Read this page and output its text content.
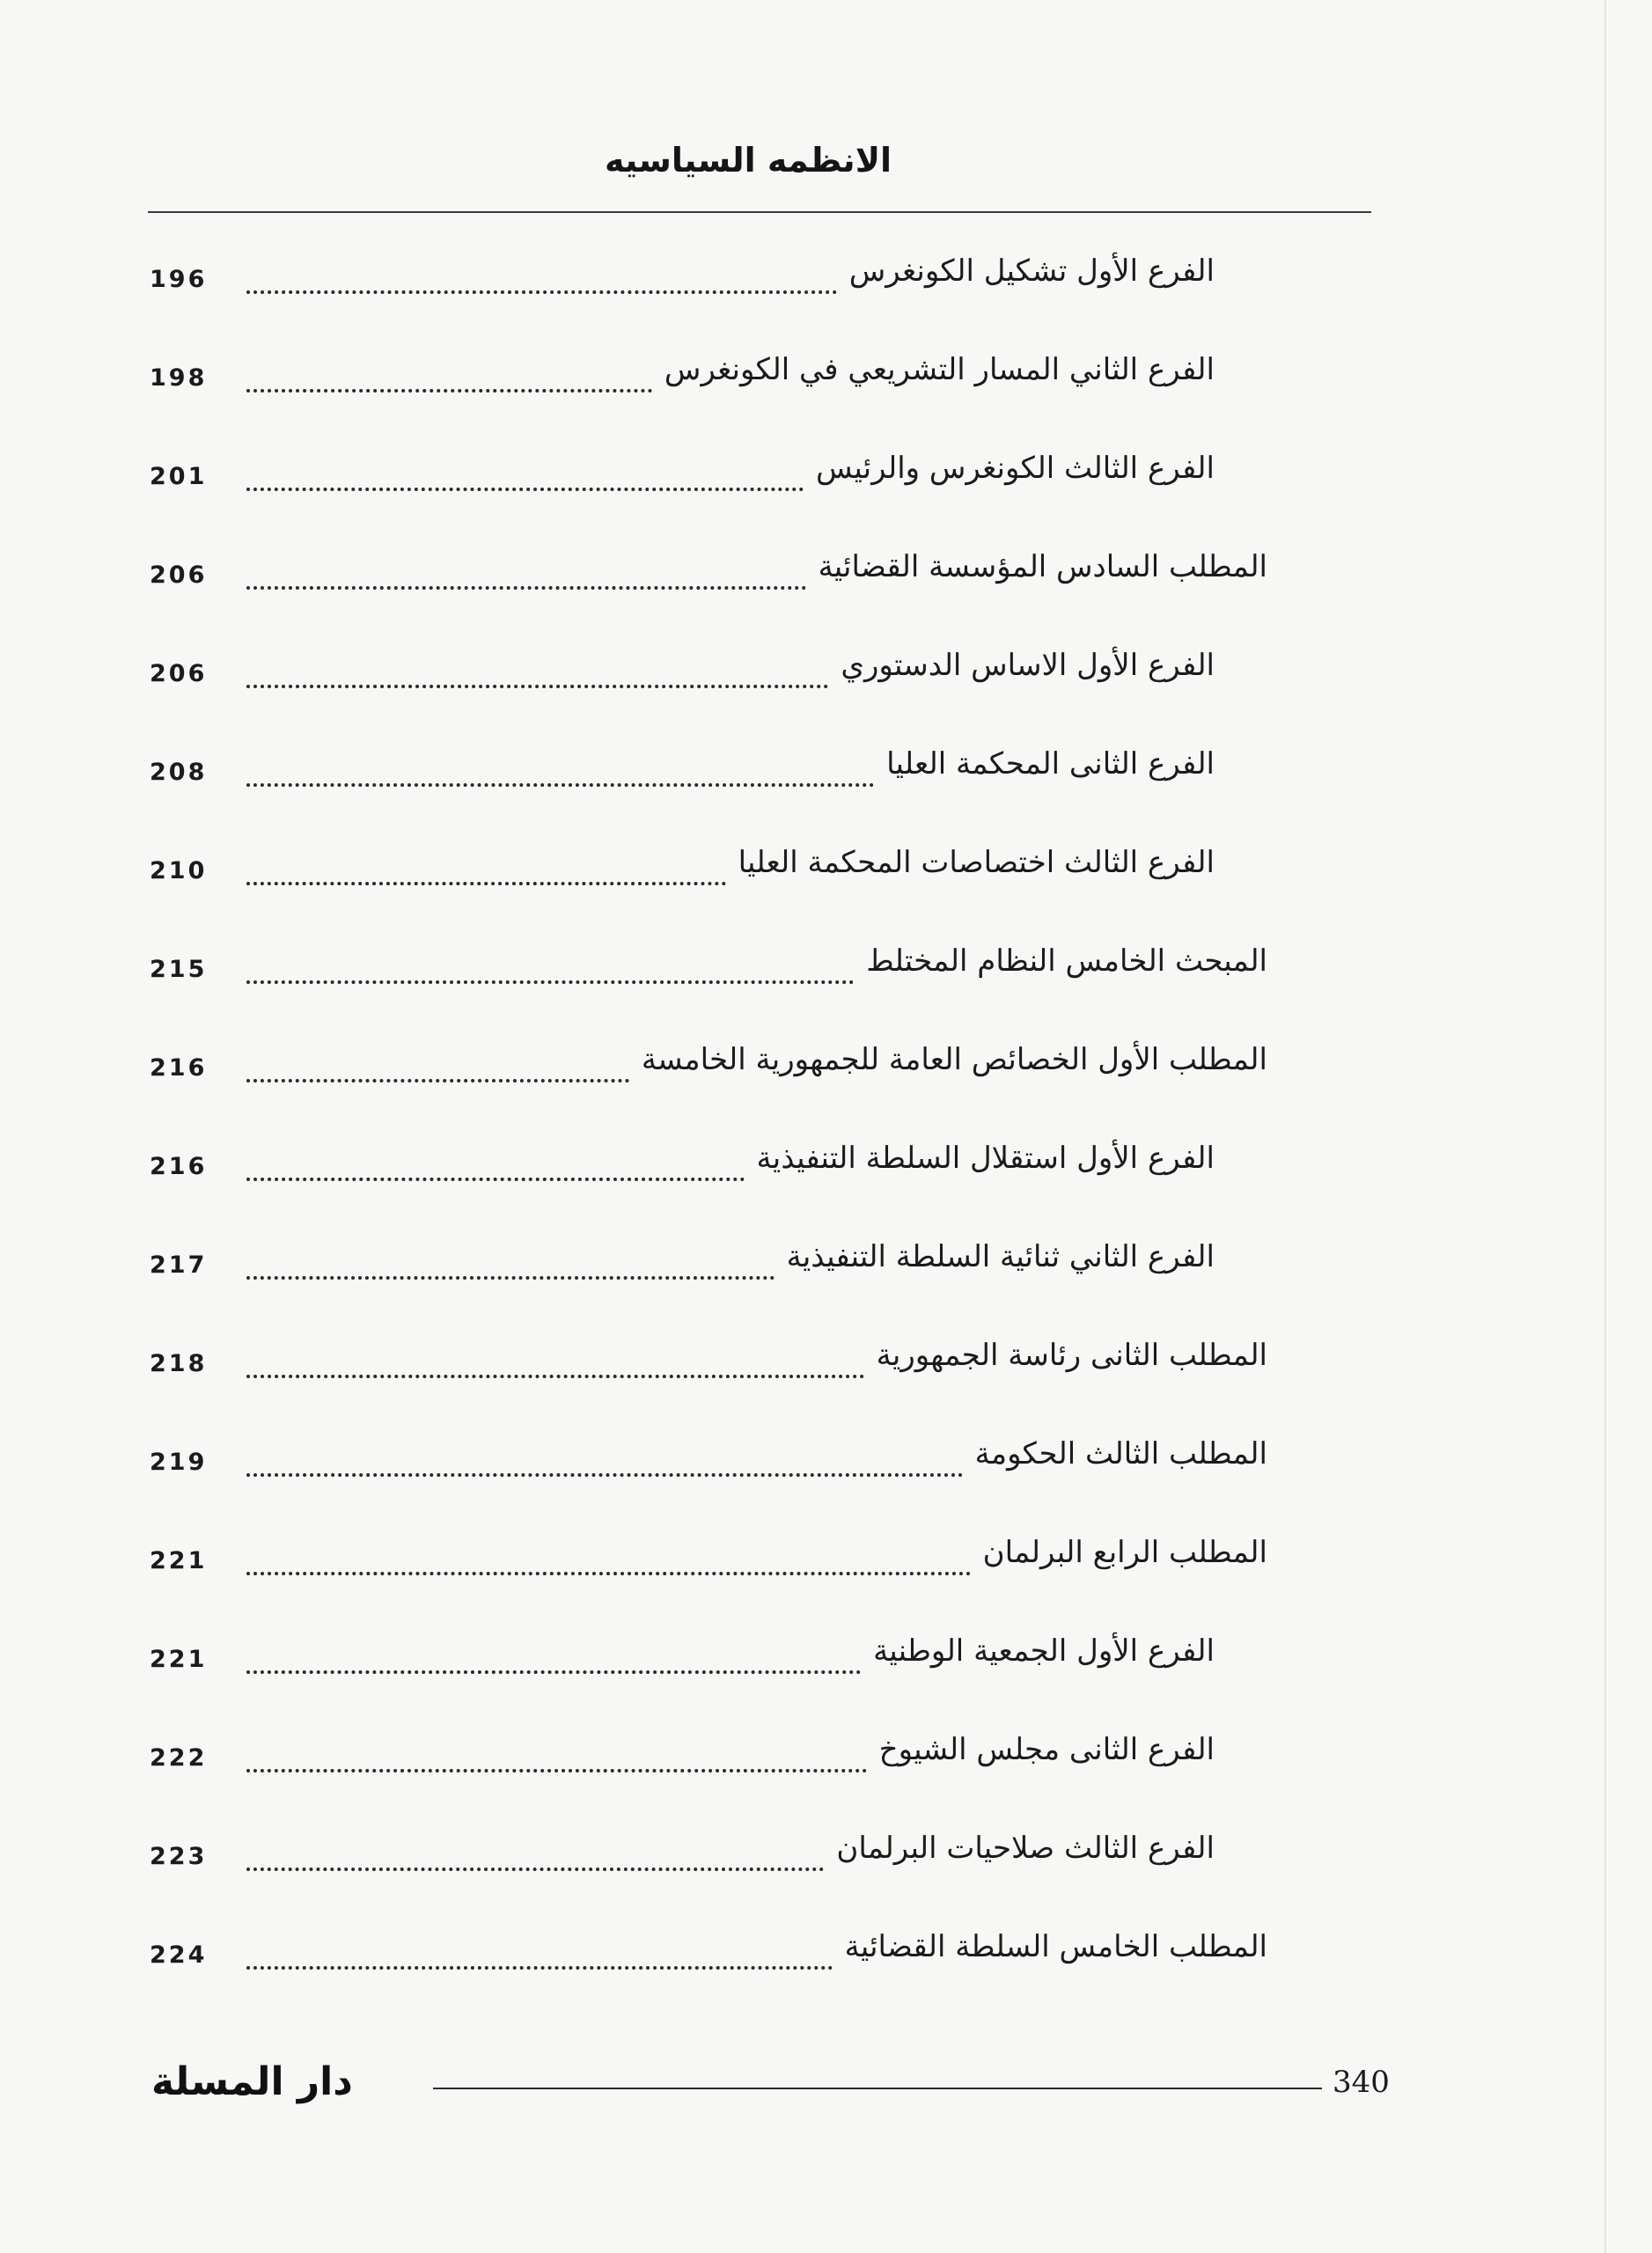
الانظمه السياسيه
الفرع الأول تشكيل الكونغرس
196
الفرع الثاني المسار التشريعي في الكونغرس
198
الفرع الثالث الكونغرس والرئيس
201
المطلب السادس المؤسسة القضائية
206
الفرع الأول الاساس الدستوري
206
الفرع الثانى المحكمة العليا
208
الفرع الثالث اختصاصات المحكمة العليا
210
المبحث الخامس النظام المختلط
215
المطلب الأول الخصائص العامة للجمهورية الخامسة
216
الفرع الأول استقلال السلطة التنفيذية
216
الفرع الثاني ثنائية السلطة التنفيذية
217
المطلب الثانى رئاسة الجمهورية
218
المطلب الثالث الحكومة
219
المطلب الرابع البرلمان
221
الفرع الأول الجمعية الوطنية
221
الفرع الثانى مجلس الشيوخ
222
الفرع الثالث صلاحيات البرلمان
223
المطلب الخامس السلطة القضائية
224
340
دار المسلة
